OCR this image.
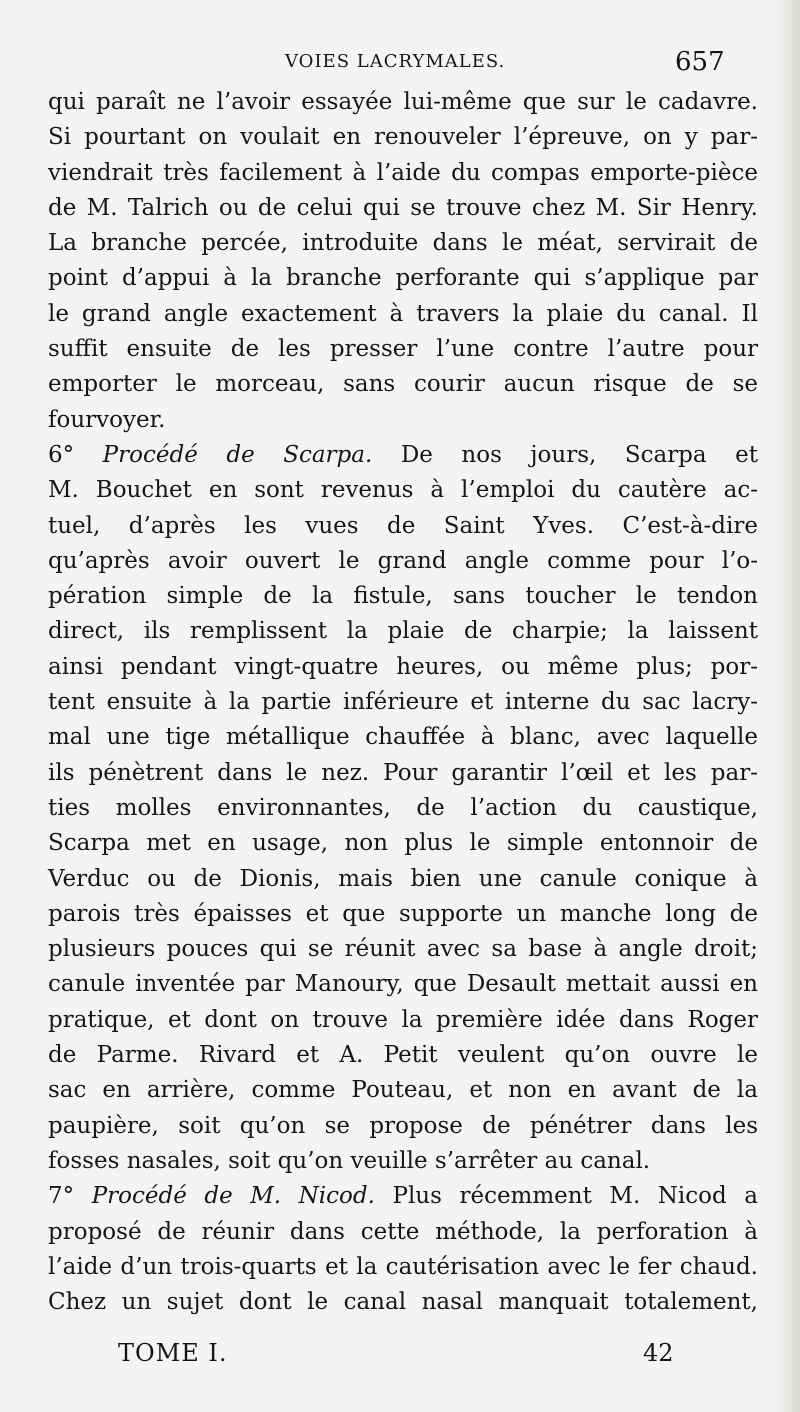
VOIES LACRYMALES.	657
qui paraît ne l’avoir essayée lui-même que sur le cadavre.
Si pourtant on voulait en renouveler l’épreuve, on y par-
viendrait très facilement à l’aide du compas emporte-pièce
de M. Talrich ou de celui qui se trouve chez M. Sir Henry.
La branche percée, introduite dans le méat, servirait de
point d’appui à la branche perforante qui s’applique par
le grand angle exactement à travers la plaie du canal. Il
suffit ensuite de les presser l’une contre l’autre pour
emporter le morceau, sans courir aucun risque de se
fourvoyer.
6° Procédé de Scarpa. De nos jours, Scarpa et
M. Bouchet en sont revenus à l’emploi du cautère ac-
tuel, d’après les vues de Saint Yves. C’est-à-dire
qu’après avoir ouvert le grand angle comme pour l’o-
pération simple de la fistule, sans toucher le tendon
direct, ils remplissent la plaie de charpie; la laissent
ainsi pendant vingt-quatre heures, ou même plus; por-
tent ensuite à la partie inférieure et interne du sac lacry-
mal une tige métallique chauffée à blanc, avec laquelle
ils pénètrent dans le nez. Pour garantir l’œil et les par-
ties molles environnantes, de l’action du caustique,
Scarpa met en usage, non plus le simple entonnoir de
Verduc ou de Dionis, mais bien une canule conique à
parois très épaisses et que supporte un manche long de
plusieurs pouces qui se réunit avec sa base à angle droit;
canule inventée par Manoury, que Desault mettait aussi en
pratique, et dont on trouve la première idée dans Roger
de Parme. Rivard et A. Petit veulent qu’on ouvre le
sac en arrière, comme Pouteau, et non en avant de la
paupière, soit qu’on se propose de pénétrer dans les
fosses nasales, soit qu’on veuille s’arrêter au canal.
7° Procédé de M. Nicod. Plus récemment M. Nicod a
proposé de réunir dans cette méthode, la perforation à
l’aide d’un trois-quarts et la cautérisation avec le fer chaud.
Chez un sujet dont le canal nasal manquait totalement,
TOME I.	42
